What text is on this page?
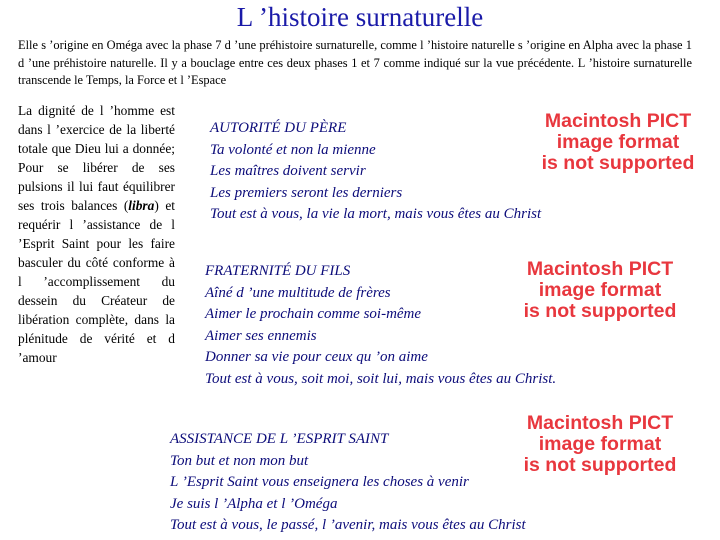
L ’histoire surnaturelle
Elle s ’origine en Oméga avec la phase 7 d ’une préhistoire surnaturelle, comme l ’histoire naturelle s ’origine en Alpha avec la phase 1 d ’une préhistoire naturelle. Il y a bouclage entre ces deux phases 1 et 7 comme indiqué sur la vue précédente. L ’histoire surnaturelle transcende le Temps, la Force et l ’Espace
La dignité de l ’homme est dans l ’exercice de la liberté totale que Dieu lui a donnée; Pour se libérer de ses pulsions il lui faut équilibrer ses trois balances (libra) et requérir l ’assistance de l ’Esprit Saint pour les faire basculer du côté conforme à l ’accomplissement du dessein du Créateur de libération complète, dans la plénitude de vérité et d ’amour
AUTORITÉ DU PÈRE
Ta volonté et non la mienne
Les maîtres doivent servir
Les premiers seront les derniers
Tout est à vous, la vie la mort, mais vous êtes au Christ
FRATERNITÉ DU FILS
Aîné d ’une multitude de frères
Aimer le prochain comme soi-même
Aimer ses ennemis
Donner sa vie pour ceux qu ’on aime
Tout est à vous, soit moi, soit lui, mais vous êtes au Christ.
ASSISTANCE DE L ’ESPRIT SAINT
Ton but et non mon but
L ’Esprit Saint vous enseignera les choses à venir
Je suis l ’Alpha et l ’Oméga
Tout est à vous, le passé, l ’avenir, mais vous êtes au Christ
Macintosh PICT
image format
is not supported
Macintosh PICT
image format
is not supported
Macintosh PICT
image format
is not supported
